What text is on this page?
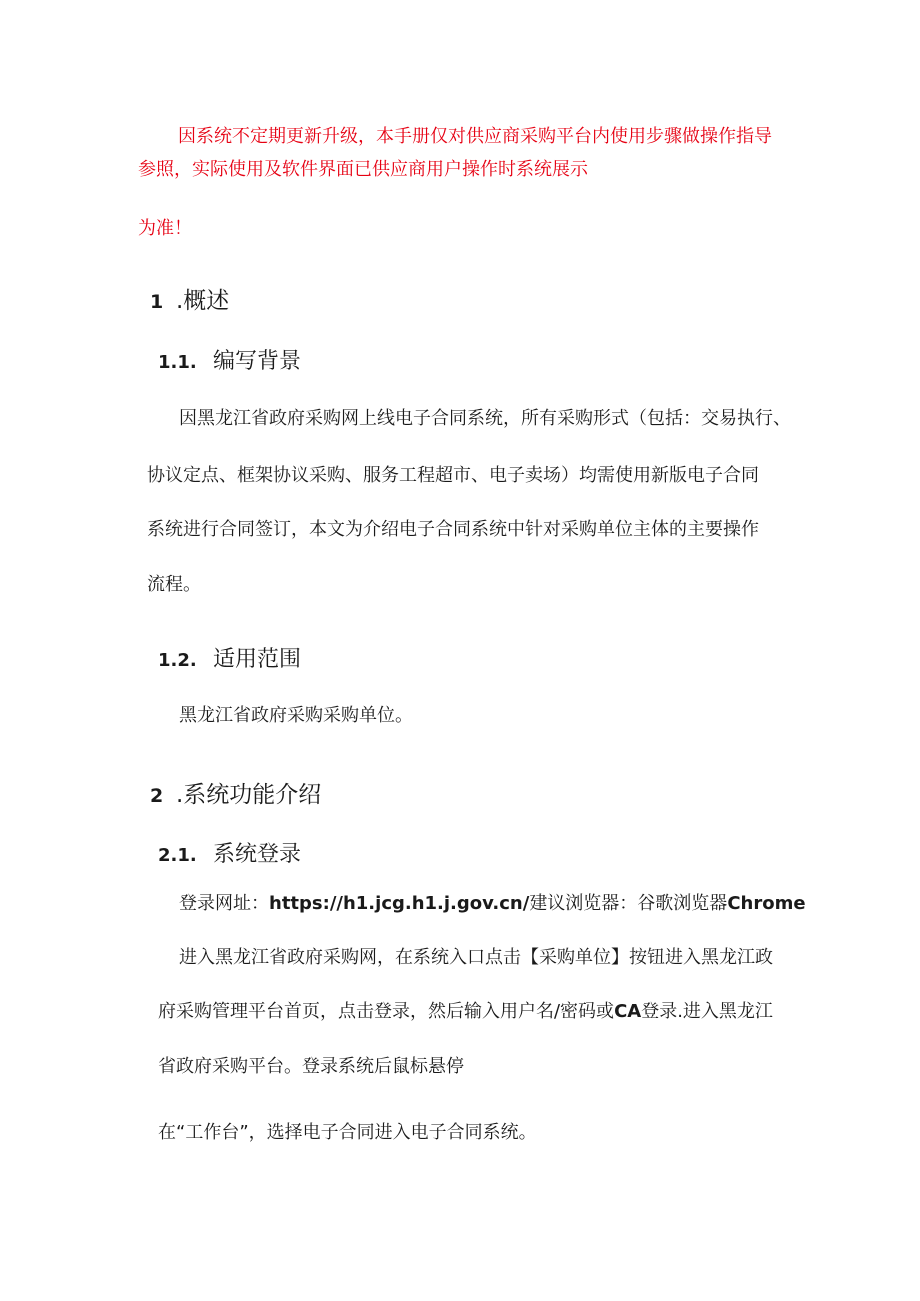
因系统不定期更新升级，本手册仅对供应商采购平台内使用步骤做操作指导
参照，实际使用及软件界面已供应商用户操作时系统展示
为准！
1 .概述
1.1. 编写背景
因黑龙江省政府采购网上线电子合同系统，所有采购形式（包括：交易执行、
协议定点、框架协议采购、服务工程超市、电子卖场）均需使用新版电子合同
系统进行合同签订，本文为介绍电子合同系统中针对采购单位主体的主要操作
流程。
1.2. 适用范围
黑龙江省政府采购采购单位。
2 .系统功能介绍
2.1. 系统登录
登录网址：https://h1.jcg.h1.j.gov.cn/建议浏览器：谷歌浏览器Chrome
进入黑龙江省政府采购网，在系统入口点击【采购单位】按钮进入黑龙江政
府采购管理平台首页，点击登录，然后输入用户名/密码或CA登录.进入黑龙江
省政府采购平台。登录系统后鼠标悬停
在“工作台”，选择电子合同进入电子合同系统。
